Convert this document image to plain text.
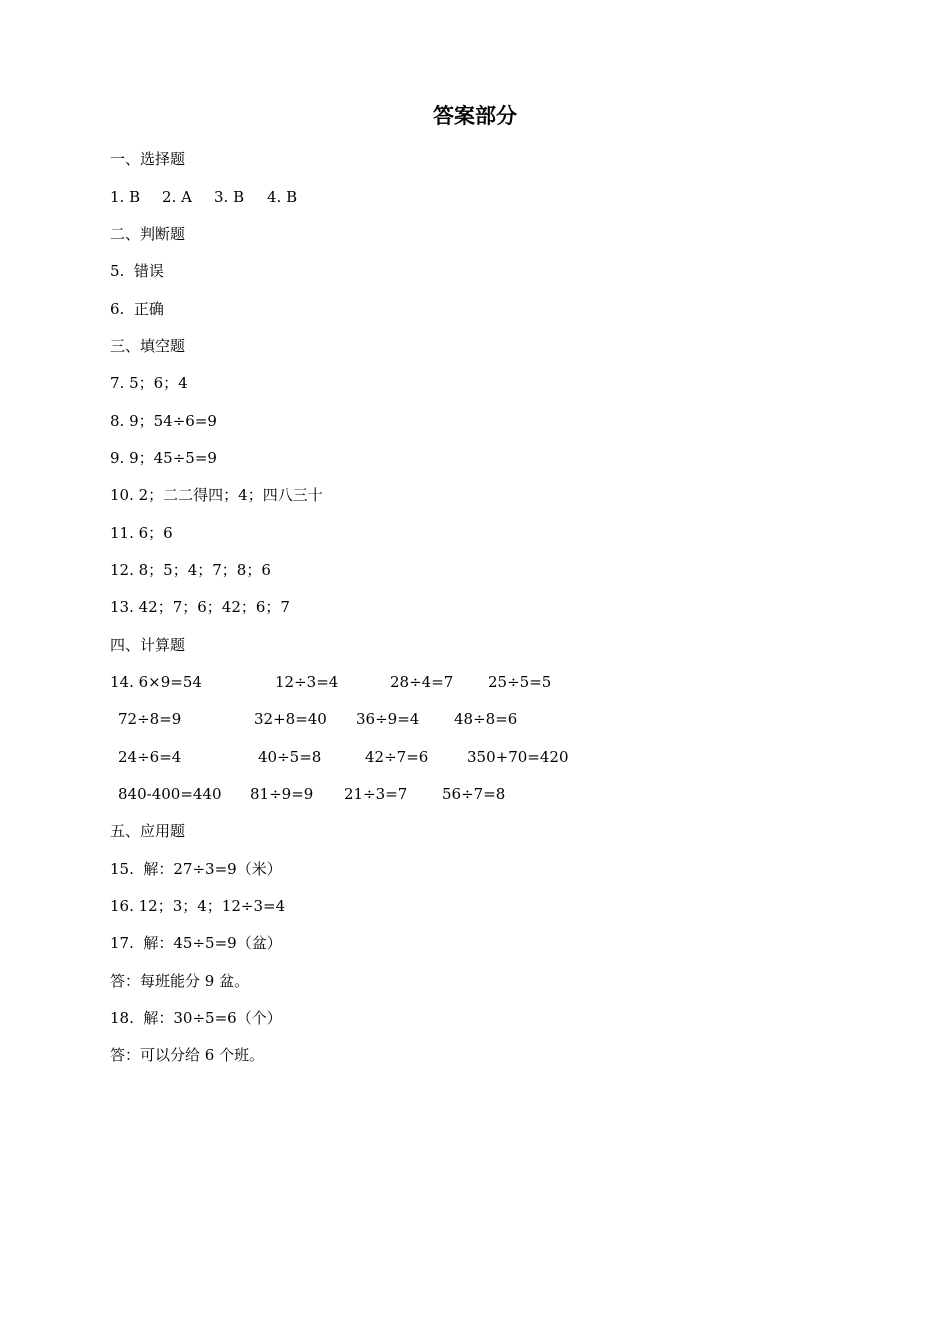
答案部分
一、选择题
1. B 2. A 3. B 4. B
二、判断题
5.  错误
6.  正确
三、填空题
7. 5；6；4
8. 9；54÷6=9
9. 9；45÷5=9
10. 2；二二得四；4；四八三十
11. 6；6
12. 8；5；4；7；8；6
13. 42；7；6；42；6；7
四、计算题
14. 6×9=54	12÷3=4	28÷4=7 25÷5=5
72÷8=9	32+8=40 36÷9=4 48÷8=6
24÷6=4	40÷5=8	42÷7=6	350+70=420
840-400=440 81÷9=9 21÷3=7 56÷7=8
五、应用题
15.  解：27÷3=9（米）
16. 12；3；4；12÷3=4
17.  解：45÷5=9（盆）
答：每班能分 9 盆。
18.  解：30÷5=6（个）
答：可以分给 6 个班。
